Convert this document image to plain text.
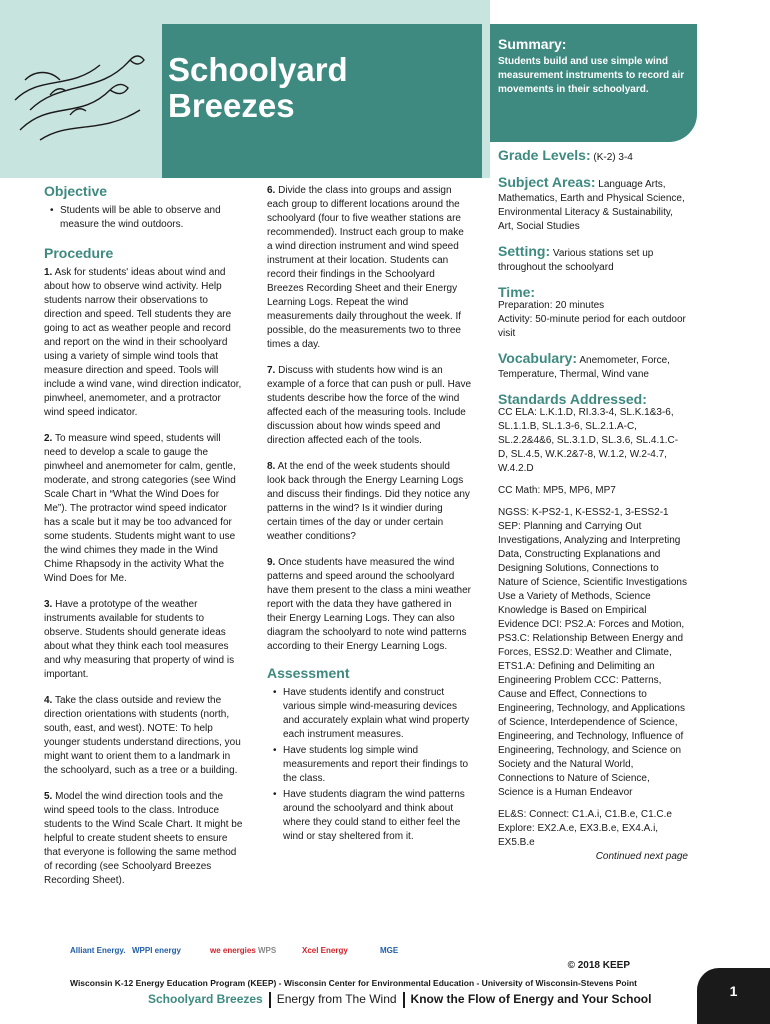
Schoolyard
Breezes
Summary:
Students build and use simple wind measurement instruments to record air movements in their schoolyard.
Objective

• Students will be able to observe and measure the wind outdoors.

Procedure

1. Ask for students' ideas about wind and about how to observe wind activity. Help students narrow their observations to direction and speed. Tell students they are going to act as weather people and record and report on the wind in their schoolyard using a variety of simple wind tools that measure direction and speed. Tools will include a wind vane, wind direction indicator, pinwheel, anemometer, and a protractor wind speed indicator.

2. To measure wind speed, students will need to develop a scale to gauge the pinwheel and anemometer for calm, gentle, moderate, and strong categories (see Wind Scale Chart in “What the Wind Does for Me”). The protractor wind speed indicator has a scale but it may be too advanced for some students. Students might want to use the wind chimes they made in the Wind Chime Rhapsody in the activity What the Wind Does for Me.

3. Have a prototype of the weather instruments available for students to observe. Students should generate ideas about what they think each tool measures and why measuring that property of wind is important.

4. Take the class outside and review the direction orientations with students (north, south, east, and west). NOTE: To help younger students understand directions, you might want to orient them to a landmark in the schoolyard, such as a tree or a building.

5. Model the wind direction tools and the wind speed tools to the class. Introduce students to the Wind Scale Chart. It might be helpful to create student sheets to ensure that everyone is following the same method of recording (see Schoolyard Breezes Recording Sheet).

6. Divide the class into groups and assign each group to different locations around the schoolyard (four to five weather stations are recommended). Instruct each group to make a wind direction instrument and wind speed instrument at their location. Students can record their findings in the Schoolyard Breezes Recording Sheet and their Energy Learning Logs. Repeat the wind measurements daily throughout the week. If possible, do the measurements two to three times a day.

7. Discuss with students how wind is an example of a force that can push or pull. Have students describe how the force of the wind affected each of the measuring tools. Include discussion about how winds speed and direction affected each of the tools.

8. At the end of the week students should look back through the Energy Learning Logs and discuss their findings. Did they notice any patterns in the wind? Is it windier during certain times of the day or under certain weather conditions?

9. Once students have measured the wind patterns and speed around the schoolyard have them present to the class a mini weather report with the data they have gathered in their Energy Learning Logs. They can also diagram the schoolyard to note wind patterns according to their Energy Learning Logs.

Assessment

• Have students identify and construct various simple wind-measuring devices and accurately explain what wind property each instrument measures.

• Have students log simple wind measurements and report their findings to the class.

• Have students diagram the wind patterns around the schoolyard and think about where they could stand to either feel the wind or stay sheltered from it.

Grade Levels: (K-2) 3-4
Subject Areas: Language Arts, Mathematics, Earth and Physical Science, Environmental Literacy & Sustainability, Art, Social Studies
Setting: Various stations set up throughout the schoolyard
Time:
Preparation: 20 minutes
Activity: 50-minute period for each outdoor visit
Vocabulary: Anemometer, Force, Temperature, Thermal, Wind vane
Standards Addressed:
CC ELA: L.K.1.D, RI.3.3-4, SL.K.1&3-6, SL.1.1.B, SL.1.3-6, SL.2.1.A-C, SL.2.2&4&6, SL.3.1.D, SL.3.6, SL.4.1.C-D, SL.4.5, W.K.2&7-8, W.1.2, W.2-4.7, W.4.2.D
CC Math: MP5, MP6, MP7
NGSS: K-PS2-1, K-ESS2-1, 3-ESS2-1 SEP: Planning and Carrying Out Investigations, Analyzing and Interpreting Data, Constructing Explanations and Designing Solutions, Connections to Nature of Science, Scientific Investigations Use a Variety of Methods, Science Knowledge is Based on Empirical Evidence DCI: PS2.A: Forces and Motion, PS3.C: Relationship Between Energy and Forces, ESS2.D: Weather and Climate, ETS1.A: Defining and Delimiting an Engineering Problem CCC: Patterns, Cause and Effect, Connections to Engineering, Technology, and Applications of Science, Interdependence of Science, Engineering, and Technology, Influence of Engineering, Technology, and Science on Society and the Natural World, Connections to Nature of Science, Science is a Human Endeavor
EL&S: Connect: C1.A.i, C1.B.e, C1.C.e Explore: EX2.A.e, EX3.B.e, EX4.A.i, EX5.B.e
Continued next page
Alliant Energy. WPPI energy	we energies WPS	Xcel Energy	MGE
© 2018 KEEP
Wisconsin K-12 Energy Education Program (KEEP) - Wisconsin Center for Environmental Education - University of Wisconsin-Stevens Point
Schoolyard Breezes Energy from The Wind Know the Flow of Energy and Your School
1
